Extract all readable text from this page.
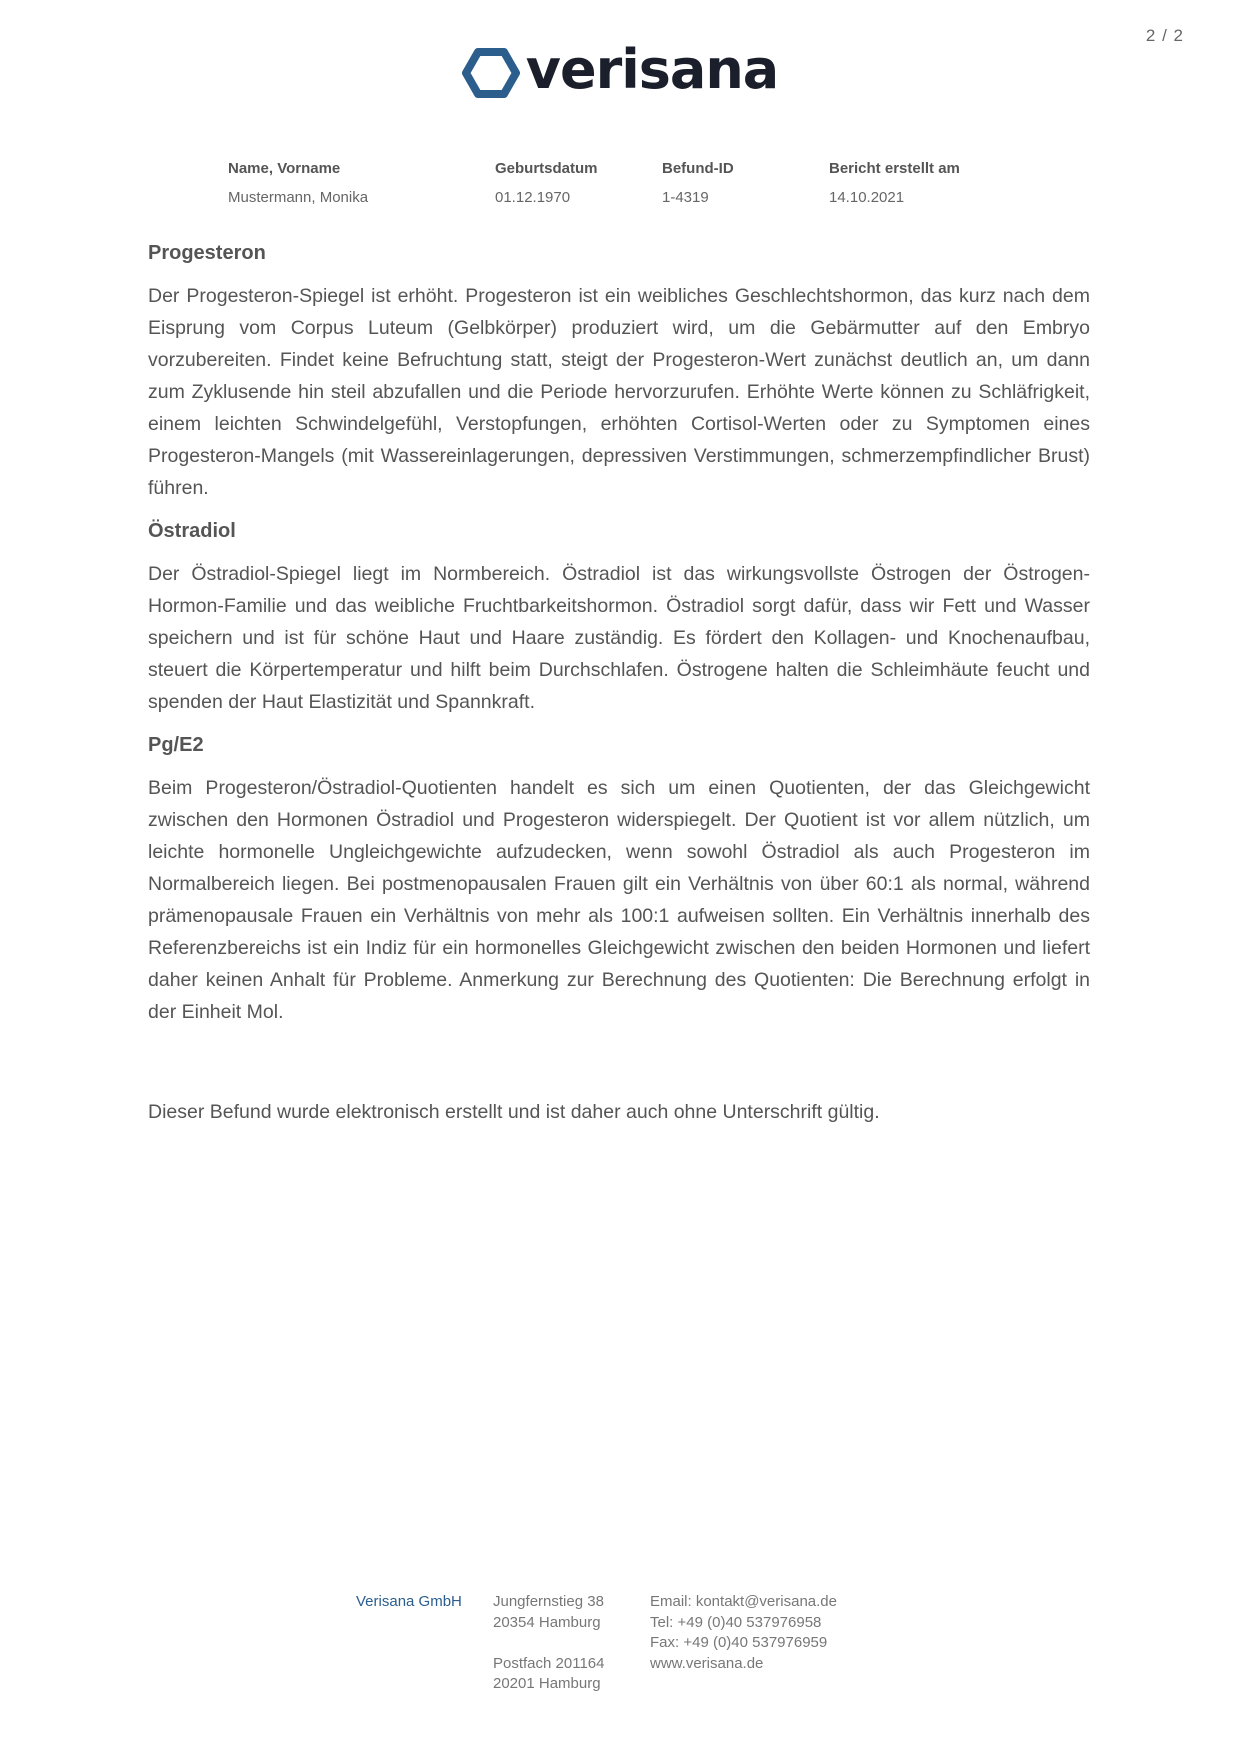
2 / 2
verisana
Name, Vorname	Geburtsdatum	Befund-ID	Bericht erstellt am
Mustermann, Monika	01.12.1970	1-4319	14.10.2021
Progesteron

Der Progesteron-Spiegel ist erhöht. Progesteron ist ein weibliches Geschlechtshormon, das kurz nach dem Eisprung vom Corpus Luteum (Gelbkörper) produziert wird, um die Gebärmutter auf den Embryo vorzubereiten. Findet keine Befruchtung statt, steigt der Progesteron-Wert zunächst deutlich an, um dann zum Zyklusende hin steil abzufallen und die Periode hervorzurufen. Erhöhte Werte können zu Schläfrigkeit, einem leichten Schwindelgefühl, Verstopfungen, erhöhten Cortisol-Werten oder zu Symptomen eines Progesteron-Mangels (mit Wassereinlagerungen, depressiven Verstimmungen, schmerzempfindlicher Brust) führen.

Östradiol

Der Östradiol-Spiegel liegt im Normbereich. Östradiol ist das wirkungsvollste Östrogen der Östrogen-Hormon-Familie und das weibliche Fruchtbarkeitshormon. Östradiol sorgt dafür, dass wir Fett und Wasser speichern und ist für schöne Haut und Haare zuständig. Es fördert den Kollagen- und Knochenaufbau, steuert die Körpertemperatur und hilft beim Durchschlafen. Östrogene halten die Schleimhäute feucht und spenden der Haut Elastizität und Spannkraft.

Pg/E2

Beim Progesteron/Östradiol-Quotienten handelt es sich um einen Quotienten, der das Gleichgewicht zwischen den Hormonen Östradiol und Progesteron widerspiegelt. Der Quotient ist vor allem nützlich, um leichte hormonelle Ungleichgewichte aufzudecken, wenn sowohl Östradiol als auch Progesteron im Normalbereich liegen. Bei postmenopausalen Frauen gilt ein Verhältnis von über 60:1 als normal, während prämenopausale Frauen ein Verhältnis von mehr als 100:1 aufweisen sollten. Ein Verhältnis innerhalb des Referenzbereichs ist ein Indiz für ein hormonelles Gleichgewicht zwischen den beiden Hormonen und liefert daher keinen Anhalt für Probleme. Anmerkung zur Berechnung des Quotienten: Die Berechnung erfolgt in der Einheit Mol.

Dieser Befund wurde elektronisch erstellt und ist daher auch ohne Unterschrift gültig.
Verisana GmbH Jungfernstieg 38
20354 Hamburg
Postfach 201164
20201 Hamburg
Email: kontakt@verisana.de
Tel: +49 (0)40 537976958
Fax: +49 (0)40 537976959
www.verisana.de
